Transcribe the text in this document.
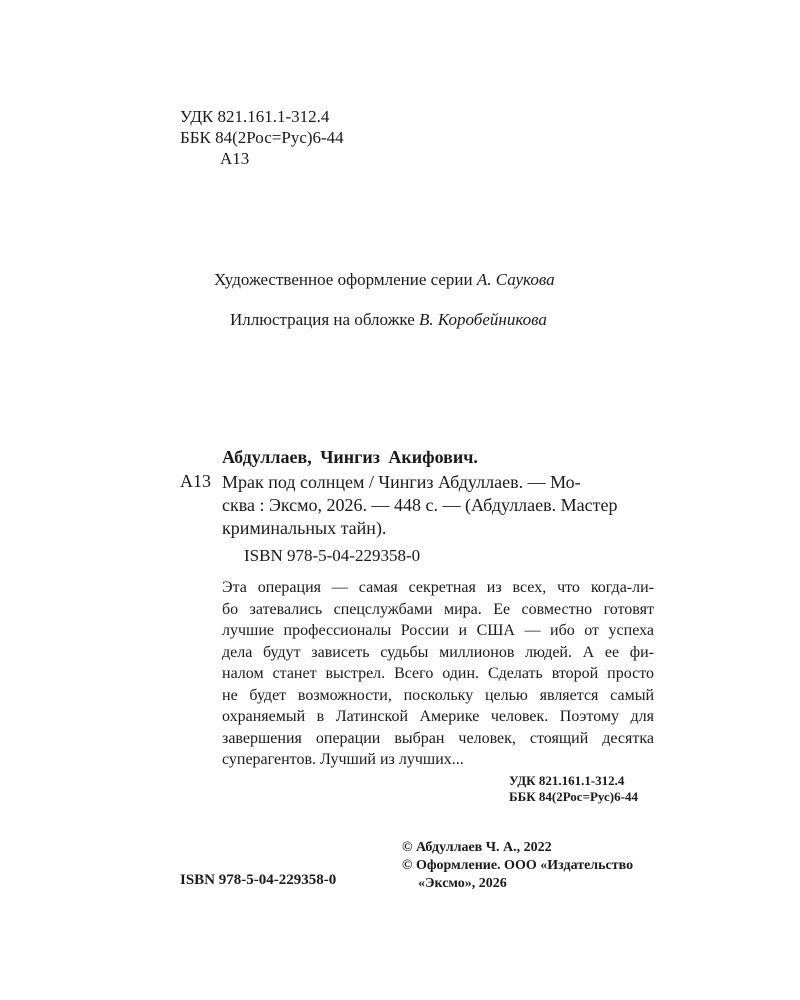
УДК 821.161.1-312.4
ББК 84(2Рос=Рус)6-44
А13
Художественное оформление серии А. Саукова
Иллюстрация на обложке В. Коробейникова
Абдуллаев, Чингиз Акифович.
А13 Мрак под солнцем / Чингиз Абдуллаев. — Мо-
сква : Эксмо, 2026. — 448 с. — (Абдуллаев. Мастер
криминальных тайн).
ISBN 978-5-04-229358-0
Эта операция — самая секретная из всех, что когда-ли-
бо затевались спецслужбами мира. Ее совместно готовят
лучшие профессионалы России и США — ибо от успеха
дела будут зависеть судьбы миллионов людей. А ее фи-
налом станет выстрел. Всего один. Сделать второй просто
не будет возможности, поскольку целью является самый
охраняемый в Латинской Америке человек. Поэтому для
завершения операции выбран человек, стоящий десятка
суперагентов. Лучший из лучших...
УДК 821.161.1-312.4
ББК 84(2Рос=Рус)6-44
© Абдуллаев Ч. А., 2022
© Оформление. ООО «Издательство
«Эксмо», 2026
ISBN 978-5-04-229358-0
